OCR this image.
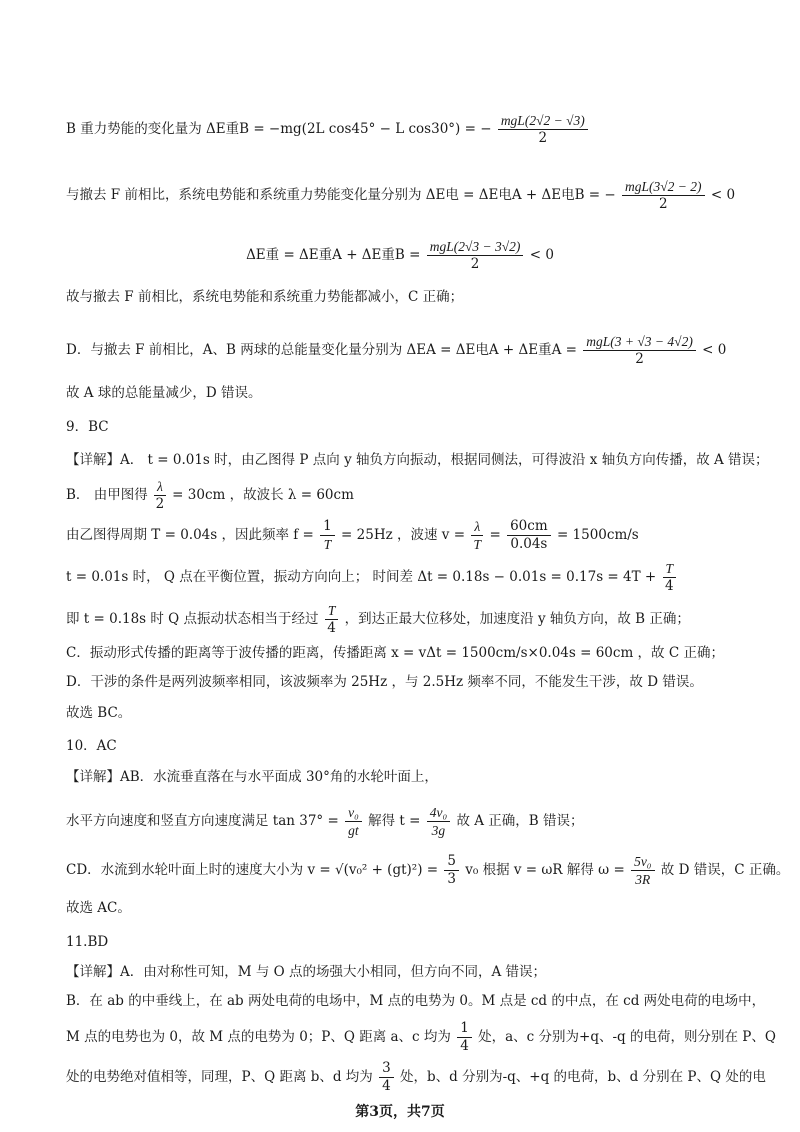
B 重力势能的变化量为 ΔE重B = −mg(2L cos45° − L cos30°) = − $\frac{\text{mgL(2√2 − √3)}}{2}$
与撤去 F 前相比，系统电势能和系统重力势能变化量分别为 ΔE电 = ΔE电A + ΔE电B = − $\frac{\text{mgL(3√2 − 2)}}{2} < 0$
ΔE重 = ΔE重A + ΔE重$B = \frac{\text{mgL(2√3 − 3√2)}}{2} < 0$
故与撤去 F 前相比，系统电势能和系统重力势能都减小，C 正确；
D．与撤去 F 前相比，A、B 两球的总能量变化量分别为 ΔEA = ΔE电A + ΔE重$A = \frac{\text{mgL(3 + √3 − 4√2)}}{2} < 0$
故 A 球的总能量减少，D 错误。
9．BC
【详解】A． t = 0.01s 时，由乙图得 P 点向 y 轴负方向振动，根据同侧法，可得波沿 x 轴负方向传播，故 A 错误；
B． 由甲图得 $\frac{\lambda}{2} = 30cm$ ，故波长 λ = 60cm
由乙图得周期 T = 0.04s ，因此频率 $f = \frac{1}{T} = 25Hz$ ，波速 $v = \frac{\lambda}{T} = \frac{60cm}{0.04s} = 1500cm/s$
t = 0.01s 时， Q 点在平衡位置，振动方向向上； 时间差 $\Delta t = 0.18s - 0.01s = 0.17s = 4T + \frac{T}{4}$
即 t = 0.18s 时 Q 点振动状态相当于经过 $\frac{T}{4}$ ，到达正最大位移处，加速度沿 y 轴负方向，故 B 正确；
C．振动形式传播的距离等于波传播的距离，传播距离 x = vΔt = 1500cm/s×0.04s = 60cm ，故 C 正确；
D．干涉的条件是两列波频率相同，该波频率为 25Hz ，与 2.5Hz 频率不同，不能发生干涉，故 D 错误。
故选 BC。
10．AC
【详解】AB．水流垂直落在与水平面成 30°角的水轮叶面上，
水平方向速度和竖直方向速度满足 $\tan 37^\circ = \frac{\text{v₀}}{gt}$ 解得 $t = \frac{\text{4v₀}}{3g}$ 故 A 正确，B 错误；
CD．水流到水轮叶面上时的速度大小为 $v = √(v_0^2 + (gt)^2) = \frac{5}{3} v_0$ 根据 v = ωR 解得 $\omega = \frac{\text{5v₀}}{3R}$ 故 D 错误，C 正确。
故选 AC。
11.BD
【详解】A．由对称性可知，M 与 O 点的场强大小相同，但方向不同，A 错误；
B．在 ab 的中垂线上，在 ab 两处电荷的电场中，M 点的电势为 0。M 点是 cd 的中点，在 cd 两处电荷的电场中，
M 点的电势也为 0，故 M 点的电势为 0；P、Q 距离 a、c 均为 $\frac{1}{4}$ 处，a、c 分别为+q、-q 的电荷，则分别在 P、Q
处的电势绝对值相等，同理，P、Q 距离 b、d 均为 $\frac{3}{4}$ 处，b、d 分别为-q、+q 的电荷，b、d 分别在 P、Q 处的电
第3页，共7页
